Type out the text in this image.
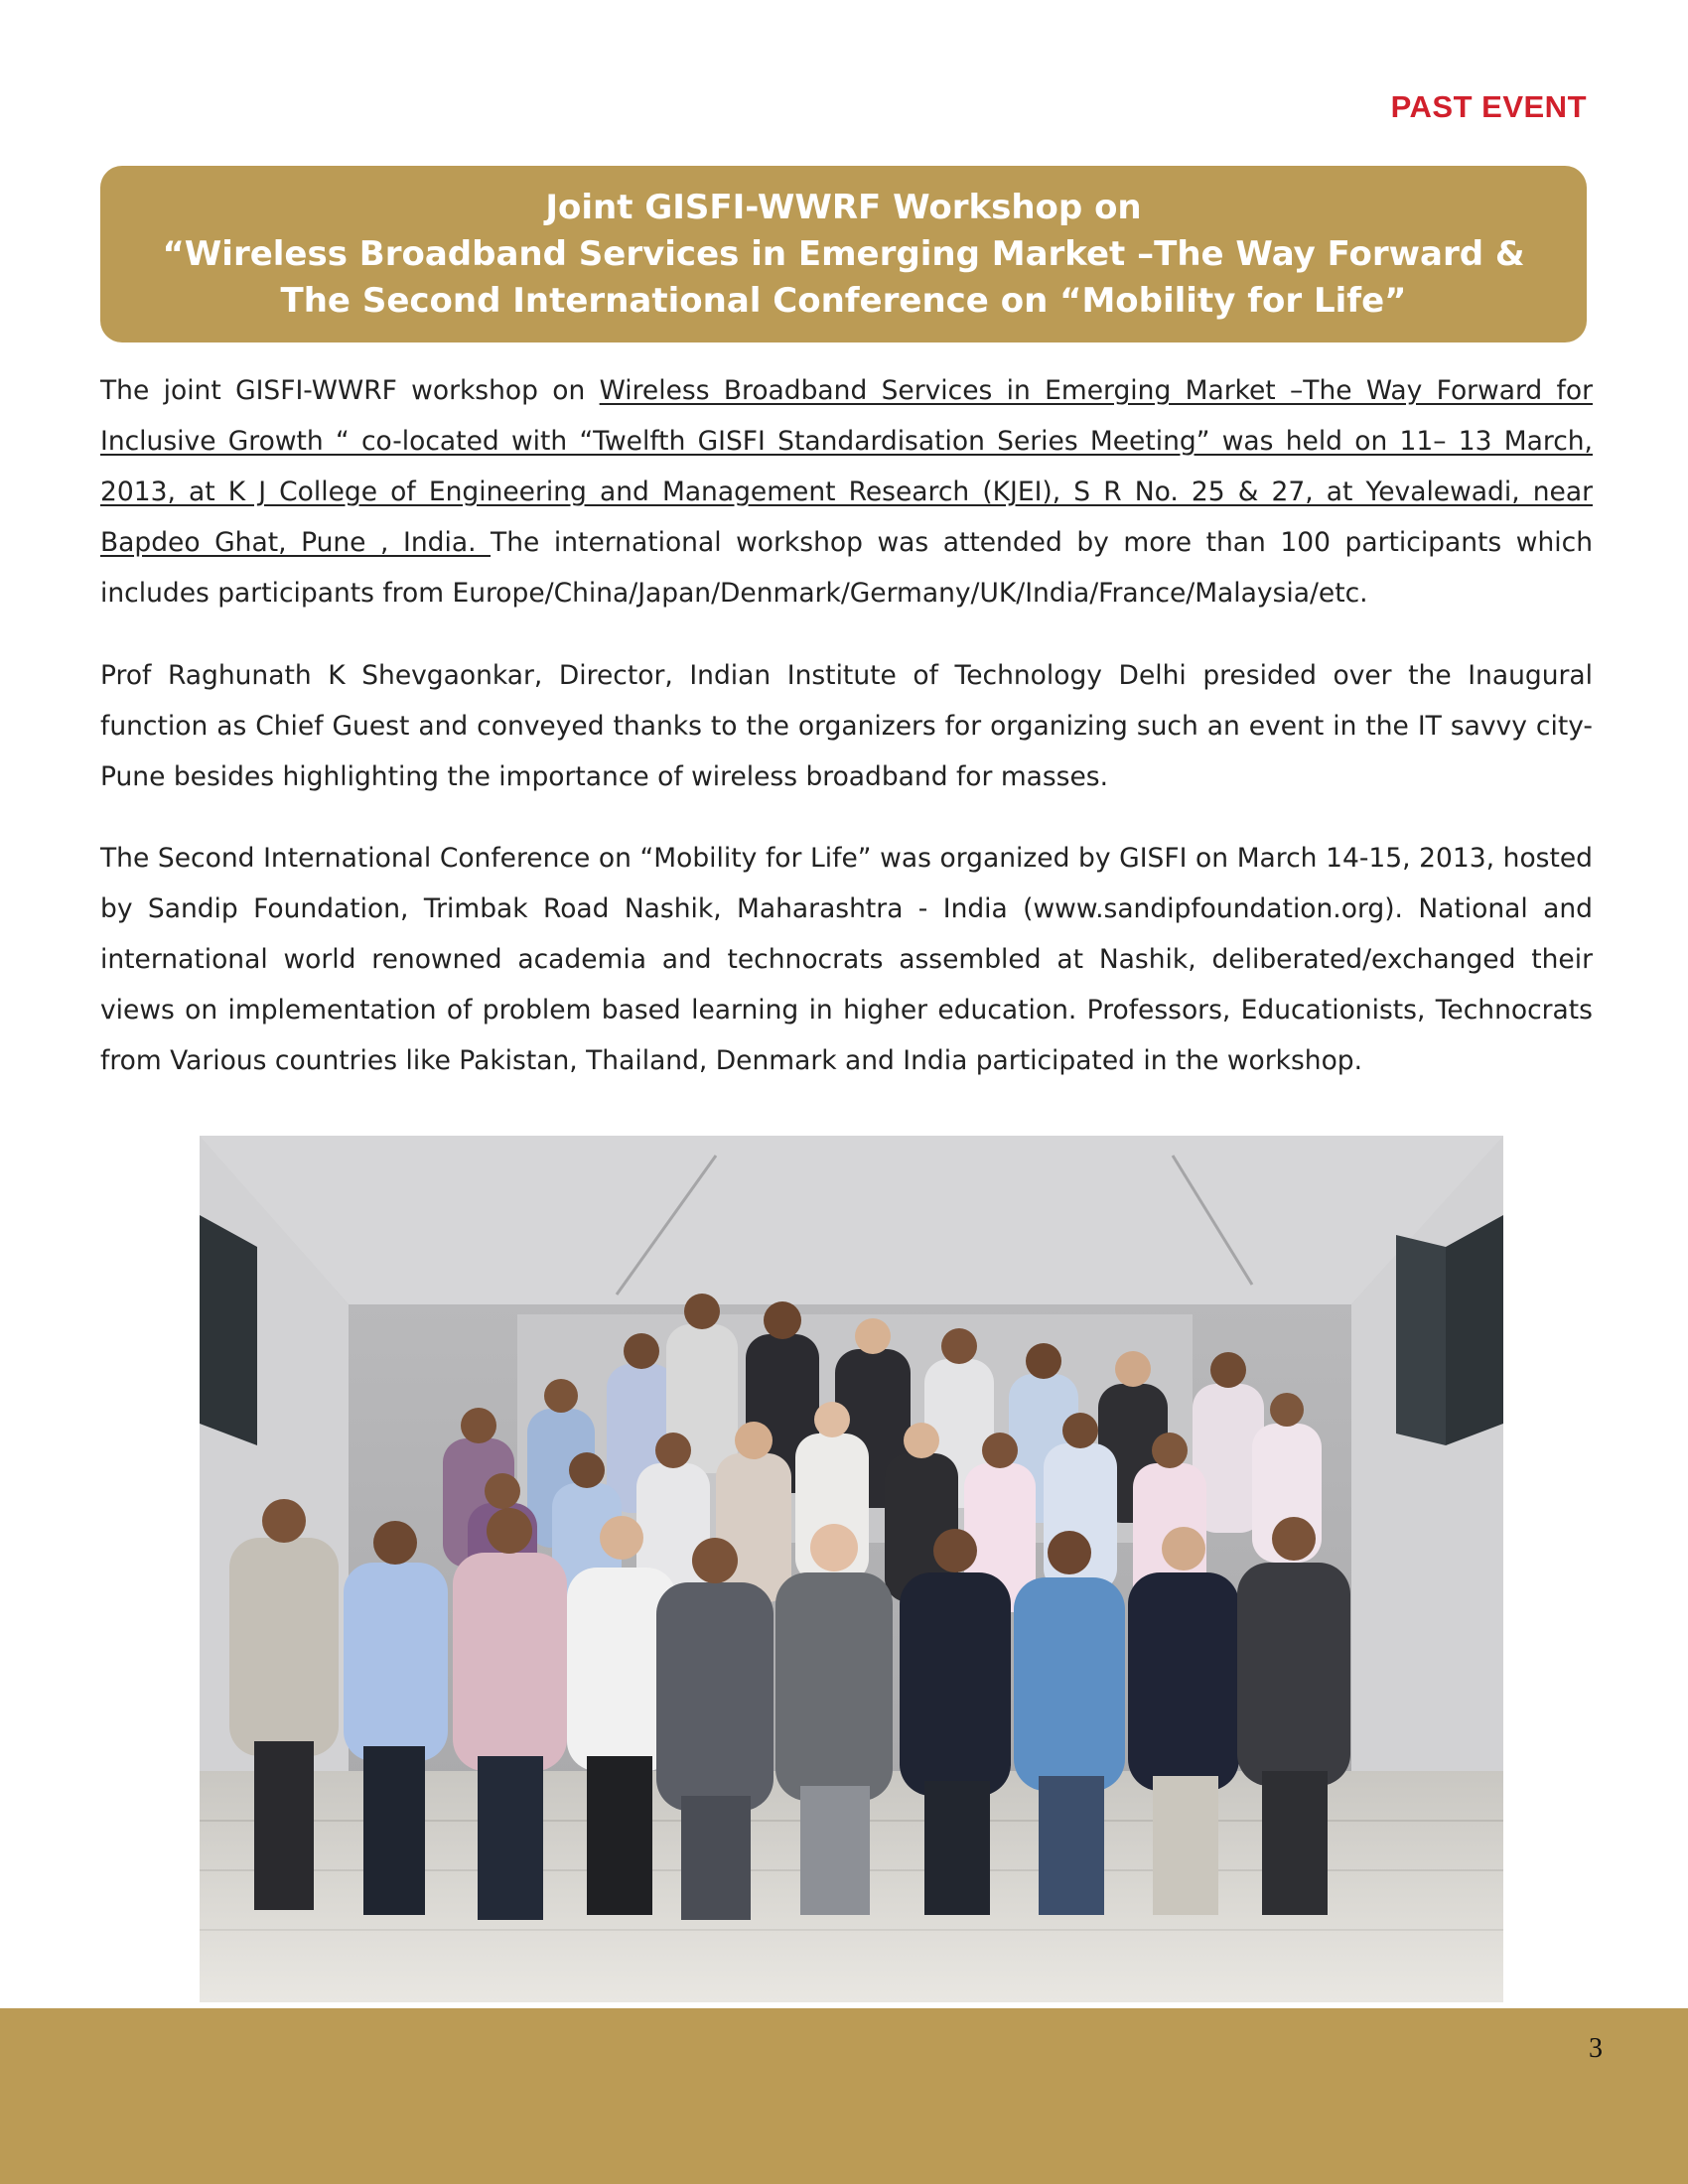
PAST EVENT
Joint GISFI-WWRF Workshop on
“Wireless Broadband Services in Emerging Market –The Way Forward &
The Second International Conference on “Mobility for Life”

The joint GISFI-WWRF workshop on Wireless Broadband Services in Emerging Market –The Way Forward for Inclusive Growth “ co-located with “Twelfth GISFI Standardisation Series Meeting” was held on 11– 13 March, 2013, at K J College of Engineering and Management Research (KJEI), S R No. 25 & 27, at Yevalewadi, near Bapdeo Ghat, Pune , India. The international workshop was attended by more than 100 participants which includes participants from Europe/China/Japan/Denmark/Germany/UK/India/France/Malaysia/etc.

Prof Raghunath K Shevgaonkar, Director, Indian Institute of Technology Delhi presided over the Inaugural function as Chief Guest and conveyed thanks to the organizers for organizing such an event in the IT savvy city- Pune besides highlighting the importance of wireless broadband for masses.

The Second International Conference on “Mobility for Life” was organized by GISFI on March 14-15, 2013, hosted by Sandip Foundation, Trimbak Road Nashik, Maharashtra - India (www.sandipfoundation.org). National and international world renowned academia and technocrats assembled at Nashik, deliberated/exchanged their views on implementation of problem based learning in higher education. Professors, Educationists, Technocrats from Various countries like Pakistan, Thailand, Denmark and India participated in the workshop.

3
